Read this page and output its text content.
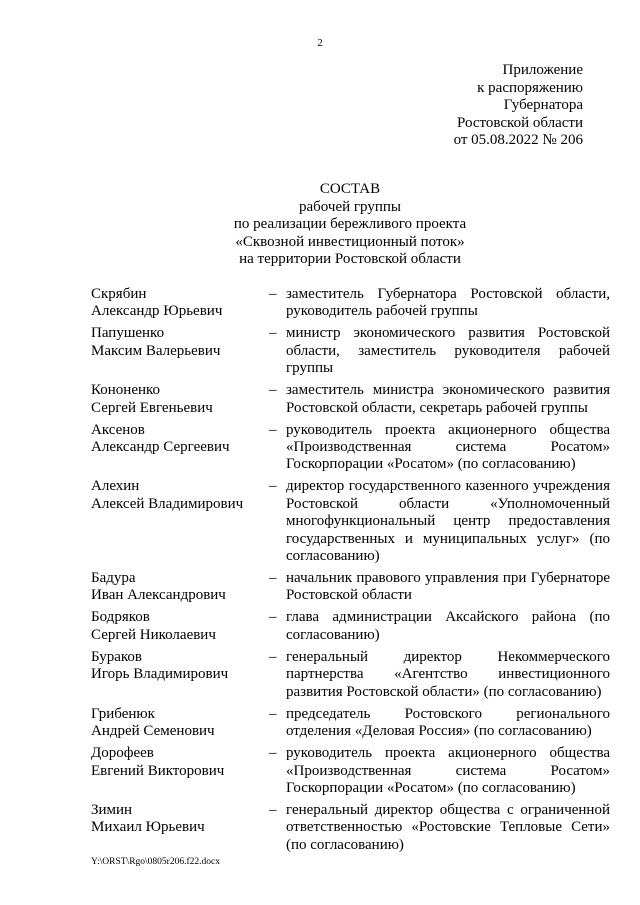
2
Приложение
к распоряжению
Губернатора
Ростовской области
от 05.08.2022 № 206
СОСТАВ
рабочей группы
по реализации бережливого проекта
«Сквозной инвестиционный поток»
на территории Ростовской области
Скрябин
Александр Юрьевич
– заместитель Губернатора Ростовской области, руководитель рабочей группы
Папушенко
Максим Валерьевич
– министр экономического развития Ростовской области, заместитель руководителя рабочей группы
Кононенко
Сергей Евгеньевич
– заместитель министра экономического развития Ростовской области, секретарь рабочей группы
Аксенов
Александр Сергеевич
– руководитель проекта акционерного общества «Производственная система Росатом» Госкорпорации «Росатом» (по согласованию)
Алехин
Алексей Владимирович
– директор государственного казенного учреждения Ростовской области «Уполномоченный многофункциональный центр предоставления государственных и муниципальных услуг» (по согласованию)
Бадура
Иван Александрович
– начальник правового управления при Губернаторе Ростовской области
Бодряков
Сергей Николаевич
– глава администрации Аксайского района (по согласованию)
Бураков
Игорь Владимирович
– генеральный директор Некоммерческого партнерства «Агентство инвестиционного развития Ростовской области» (по согласованию)
Грибенюк
Андрей Семенович
– председатель Ростовского регионального отделения «Деловая Россия» (по согласованию)
Дорофеев
Евгений Викторович
– руководитель проекта акционерного общества «Производственная система Росатом» Госкорпорации «Росатом» (по согласованию)
Зимин
Михаил Юрьевич
– генеральный директор общества с ограниченной ответственностью «Ростовские Тепловые Сети» (по согласованию)
Y:\ORST\Rgo\0805r206.f22.docx
